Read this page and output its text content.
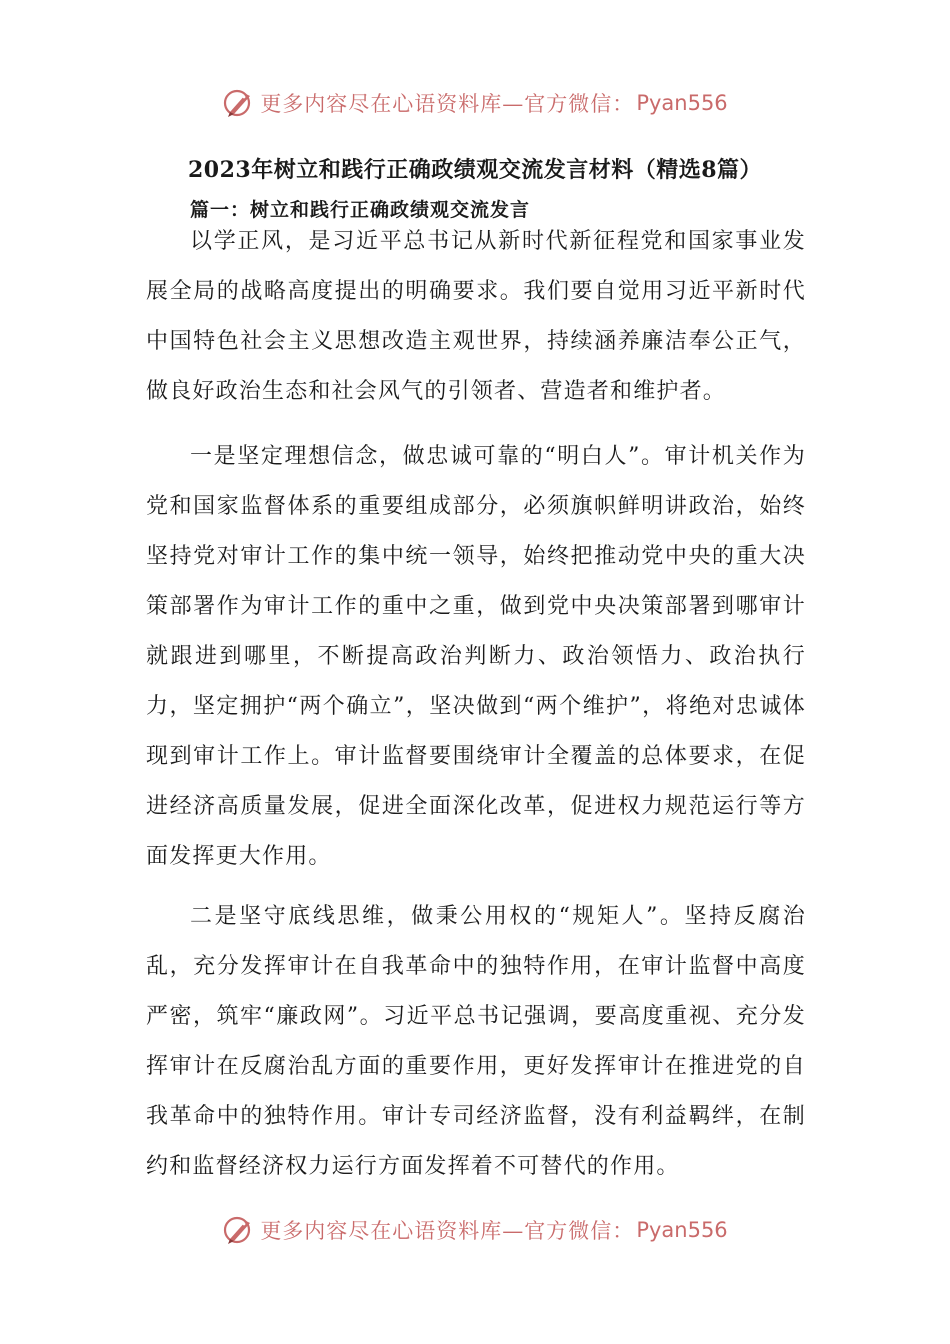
更多内容尽在心语资料库—官方微信： Pyan556
2023年树立和践行正确政绩观交流发言材料（精选8篇）
篇一：树立和践行正确政绩观交流发言

以学正风，是习近平总书记从新时代新征程党和国家事业发展全局的战略高度提出的明确要求。我们要自觉用习近平新时代中国特色社会主义思想改造主观世界，持续涵养廉洁奉公正气，做良好政治生态和社会风气的引领者、营造者和维护者。

一是坚定理想信念，做忠诚可靠的“明白人”。审计机关作为党和国家监督体系的重要组成部分，必须旗帜鲜明讲政治，始终坚持党对审计工作的集中统一领导，始终把推动党中央的重大决策部署作为审计工作的重中之重，做到党中央决策部署到哪审计就跟进到哪里，不断提高政治判断力、政治领悟力、政治执行力，坚定拥护“两个确立”，坚决做到“两个维护”，将绝对忠诚体现到审计工作上。审计监督要围绕审计全覆盖的总体要求，在促进经济高质量发展，促进全面深化改革，促进权力规范运行等方面发挥更大作用。

二是坚守底线思维，做秉公用权的“规矩人”。坚持反腐治乱，充分发挥审计在自我革命中的独特作用，在审计监督中高度严密，筑牢“廉政网”。习近平总书记强调，要高度重视、充分发挥审计在反腐治乱方面的重要作用，更好发挥审计在推进党的自我革命中的独特作用。审计专司经济监督，没有利益羁绊，在制约和监督经济权力运行方面发挥着不可替代的作用。

更多内容尽在心语资料库—官方微信： Pyan556
